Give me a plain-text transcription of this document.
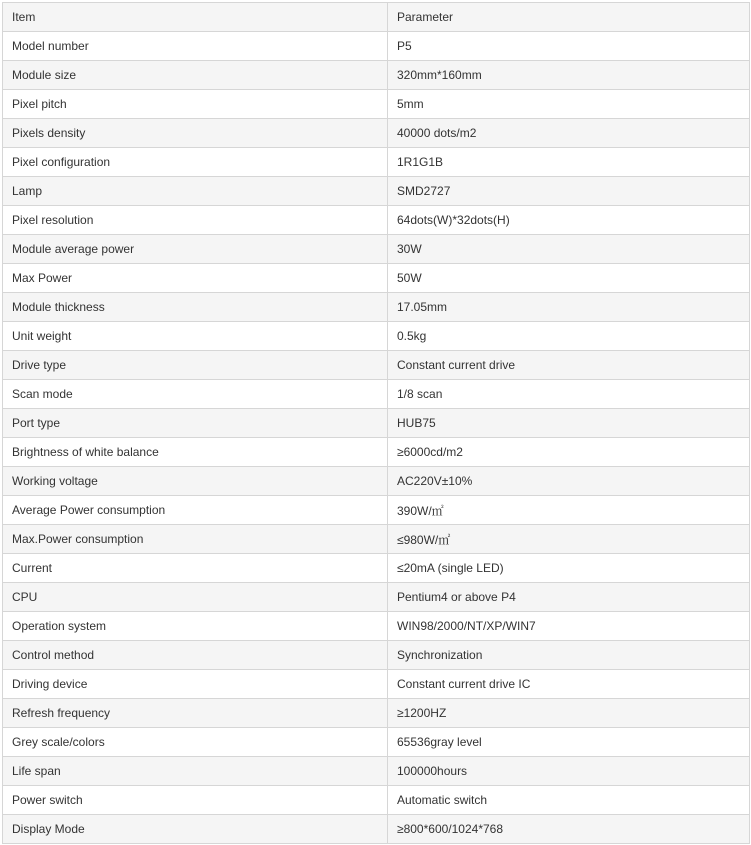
Item	Parameter
Model number	P5
Module size	320mm*160mm
Pixel pitch	5mm
Pixels density	40000 dots/m2
Pixel configuration	1R1G1B
Lamp	SMD2727
Pixel resolution	64dots(W)*32dots(H)
Module average power	30W
Max Power	50W
Module thickness	17.05mm
Unit weight	0.5kg
Drive type	Constant current drive
Scan mode	1/8 scan
Port type	HUB75
Brightness of white balance	≥6000cd/m2
Working voltage	AC220V±10%
Average Power consumption	390W/㎡
Max.Power consumption	≤980W/㎡
Current	≤20mA (single LED)
CPU	Pentium4 or above P4
Operation system	WIN98/2000/NT/XP/WIN7
Control method	Synchronization
Driving device	Constant current drive IC
Refresh frequency	≥1200HZ
Grey scale/colors	65536gray level
Life span	100000hours
Power switch	Automatic switch
Display Mode	≥800*600/1024*768
